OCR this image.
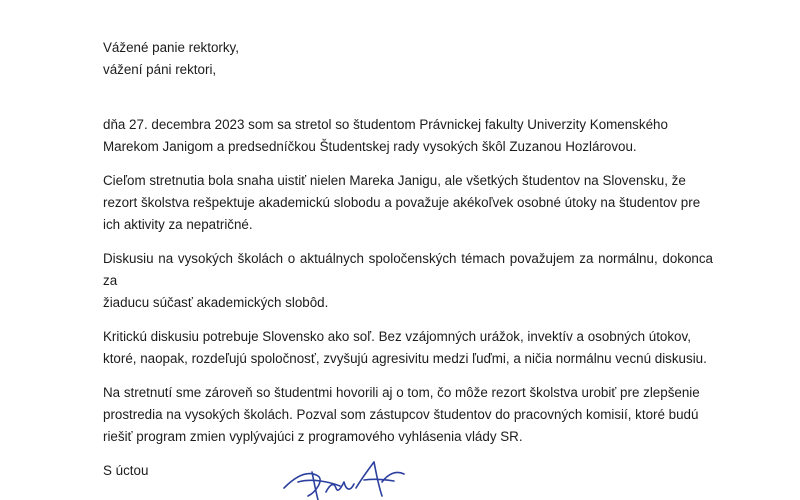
Vážené panie rektorky,
vážení páni rektori,
dňa 27. decembra 2023 som sa stretol so študentom Právnickej fakulty Univerzity Komenského
Marekom Janigom a predsedníčkou Študentskej rady vysokých škôl Zuzanou Hozlárovou.
Cieľom stretnutia bola snaha uistiť nielen Mareka Janigu, ale všetkých študentov na Slovensku, že
rezort školstva rešpektuje akademickú slobodu a považuje akékoľvek osobné útoky na študentov pre
ich aktivity za nepatričné.
Diskusiu na vysokých školách o aktuálnych spoločenských témach považujem za normálnu, dokonca za
žiaducu súčasť akademických slobôd.
Kritickú diskusiu potrebuje Slovensko ako soľ. Bez vzájomných urážok, invektív a osobných útokov,
ktoré, naopak, rozdeľujú spoločnosť, zvyšujú agresivitu medzi ľuďmi, a ničia normálnu vecnú diskusiu.
Na stretnutí sme zároveň so študentmi hovorili aj o tom, čo môže rezort školstva urobiť pre zlepšenie
prostredia na vysokých školách. Pozval som zástupcov študentov do pracovných komisií, ktoré budú
riešiť program zmien vyplývajúci z programového vyhlásenia vlády SR.
S úctou
